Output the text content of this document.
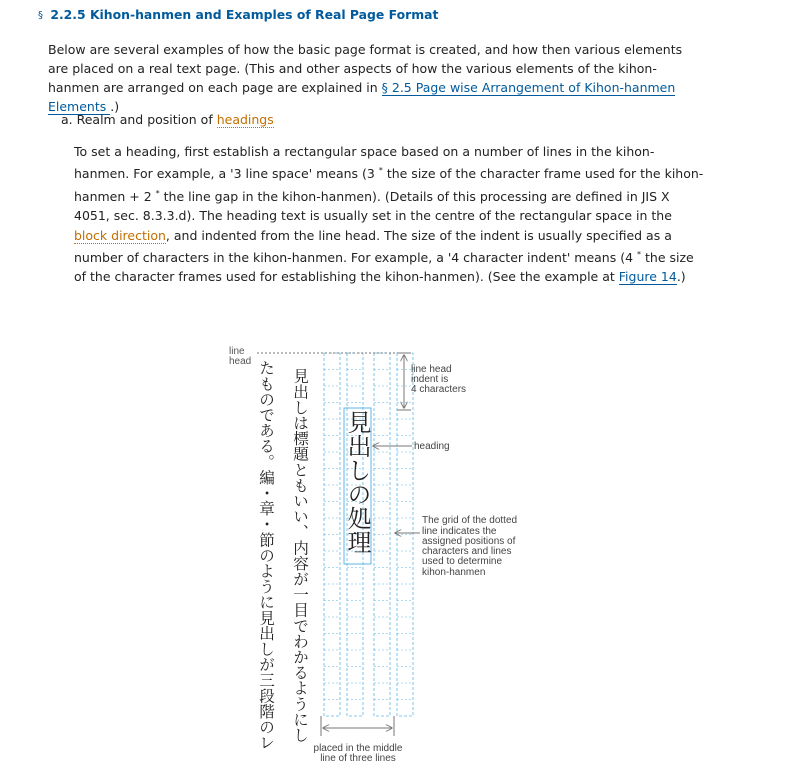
§ 2.2.5 Kihon-hanmen and Examples of Real Page Format

Below are several examples of how the basic page format is created, and how then various elements are placed on a real text page. (This and other aspects of how the various elements of the kihon-hanmen are arranged on each page are explained in § 2.5 Page wise Arrangement of Kihon-hanmen Elements .)

a. Realm and position of headings

To set a heading, first establish a rectangular space based on a number of lines in the kihon-hanmen. For example, a '3 line space' means (3 * the size of the character frame used for the kihon-hanmen + 2 * the line gap in the kihon-hanmen). (Details of this processing are defined in JIS X 4051, sec. 8.3.3.d). The heading text is usually set in the centre of the rectangular space in the block direction, and indented from the line head. The size of the indent is usually specified as a number of characters in the kihon-hanmen. For example, a '4 character indent' means (4 * the size of the character frames used for establishing the kihon-hanmen). (See the example at Figure 14.)

line
head たものである。編・章・節のように見出しが三段階のレ 見出しは標題ともいい、内容が一目でわかるようにし 見出しの処理
line head
indent is
4 characters
heading
The grid of the dotted
line indicates the
assigned positions of
characters and lines
used to determine
kihon-hanmen
placed in the middle
line of three lines
